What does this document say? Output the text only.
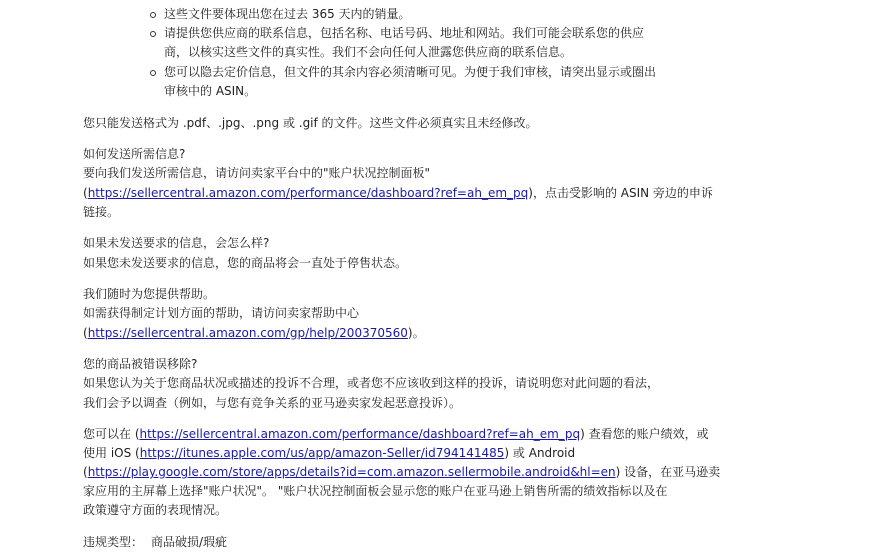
这些文件要体现出您在过去 365 天内的销量。
请提供您供应商的联系信息，包括名称、电话号码、地址和网站。我们可能会联系您的供应
商，以核实这些文件的真实性。我们不会向任何人泄露您供应商的联系信息。
您可以隐去定价信息，但文件的其余内容必须清晰可见。为便于我们审核，请突出显示或圈出
审核中的 ASIN。
您只能发送格式为 .pdf、.jpg、.png 或 .gif 的文件。这些文件必须真实且未经修改。
如何发送所需信息?
要向我们发送所需信息，请访问卖家平台中的"账户状况控制面板"
(https://sellercentral.amazon.com/performance/dashboard?ref=ah_em_pq)，点击受影响的 ASIN 旁边的申诉
链接。
如果未发送要求的信息，会怎么样?
如果您未发送要求的信息，您的商品将会一直处于停售状态。
我们随时为您提供帮助。
如需获得制定计划方面的帮助，请访问卖家帮助中心
(https://sellercentral.amazon.com/gp/help/200370560)。
您的商品被错误移除?
如果您认为关于您商品状况或描述的投诉不合理，或者您不应该收到这样的投诉，请说明您对此问题的看法，
我们会予以调查（例如，与您有竞争关系的亚马逊卖家发起恶意投诉）。
您可以在 (https://sellercentral.amazon.com/performance/dashboard?ref=ah_em_pq) 查看您的账户绩效，或
使用 iOS (https://itunes.apple.com/us/app/amazon-Seller/id794141485) 或 Android
(https://play.google.com/store/apps/details?id=com.amazon.sellermobile.android&hl=en) 设备，在亚马逊卖
家应用的主屏幕上选择"账户状况"。 "账户状况控制面板会显示您的账户在亚马逊上销售所需的绩效指标以及在
政策遵守方面的表现情况。
违规类型： 商品破损/瑕疵
